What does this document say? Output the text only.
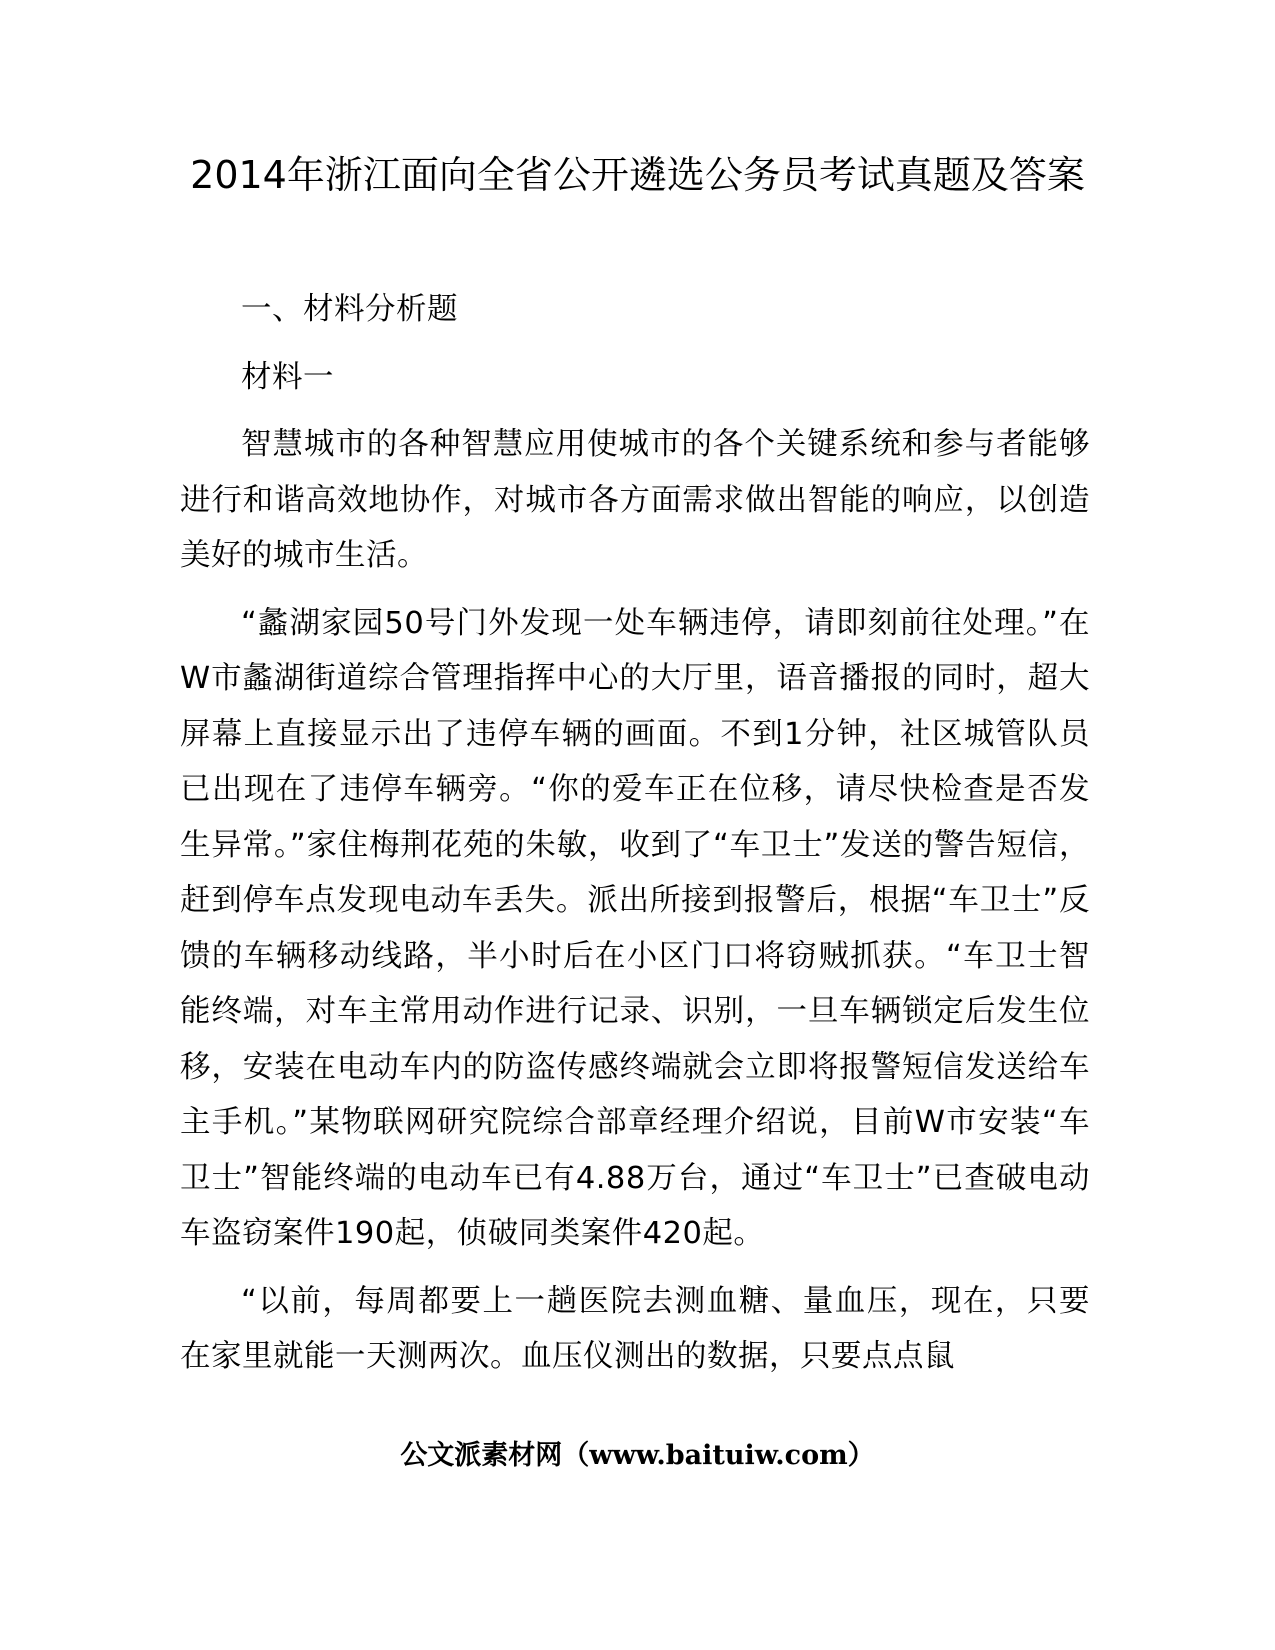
2014年浙江面向全省公开遴选公务员考试真题及答案

一、材料分析题

材料一

智慧城市的各种智慧应用使城市的各个关键系统和参与者能够进行和谐高效地协作，对城市各方面需求做出智能的响应，以创造美好的城市生活。

“蠡湖家园50号门外发现一处车辆违停，请即刻前往处理。”在W市蠡湖街道综合管理指挥中心的大厅里，语音播报的同时，超大屏幕上直接显示出了违停车辆的画面。不到1分钟，社区城管队员已出现在了违停车辆旁。“你的爱车正在位移，请尽快检查是否发生异常。”家住梅荆花苑的朱敏，收到了“车卫士”发送的警告短信，赶到停车点发现电动车丢失。派出所接到报警后，根据“车卫士”反馈的车辆移动线路，半小时后在小区门口将窃贼抓获。“车卫士智能终端，对车主常用动作进行记录、识别，一旦车辆锁定后发生位移，安装在电动车内的防盗传感终端就会立即将报警短信发送给车主手机。”某物联网研究院综合部章经理介绍说，目前W市安装“车卫士”智能终端的电动车已有4.88万台，通过“车卫士”已查破电动车盗窃案件190起，侦破同类案件420起。

“以前，每周都要上一趟医院去测血糖、量血压，现在，只要在家里就能一天测两次。血压仪测出的数据，只要点点鼠

公文派素材网（www.baituiw.com）
